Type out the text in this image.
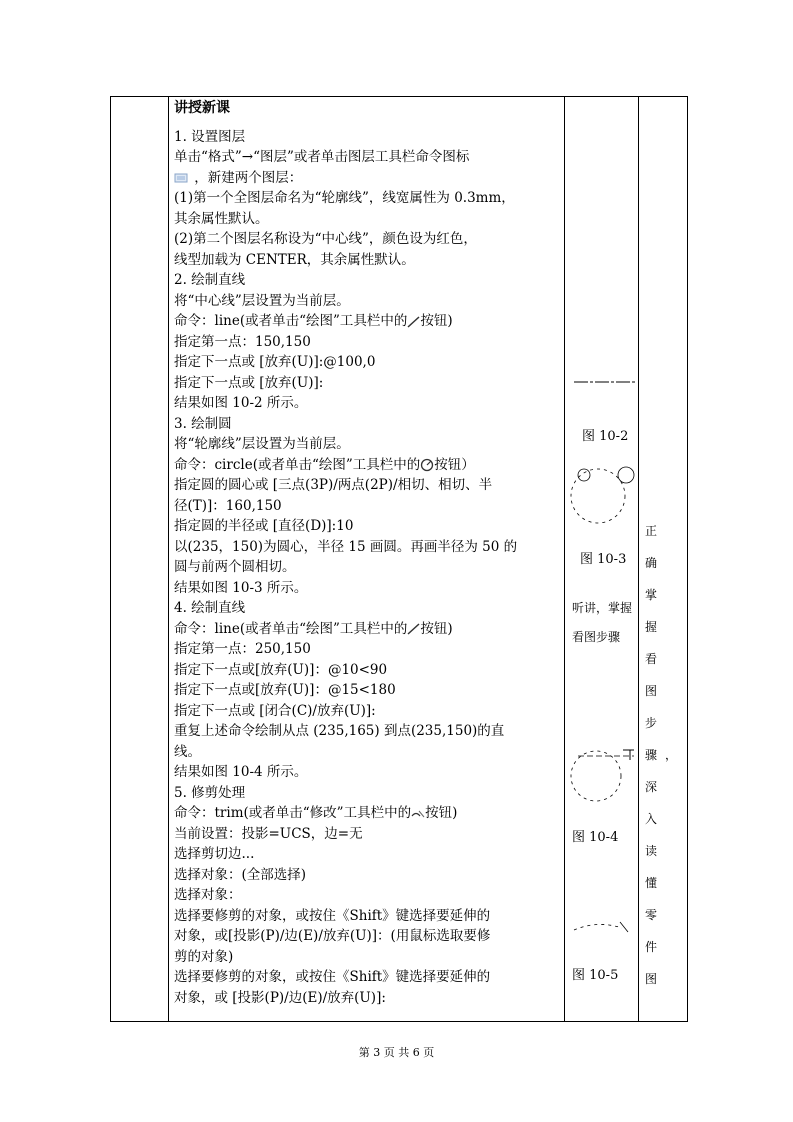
讲授新课
1. 设置图层
单击“格式”→“图层”或者单击图层工具栏命令图标
，新建两个图层：
(1)第一个全图层命名为“轮廓线”，线宽属性为 0.3mm，
其余属性默认。
(2)第二个图层名称设为“中心线”，颜色设为红色，
线型加载为 CENTER，其余属性默认。
2. 绘制直线
将“中心线”层设置为当前层。
命令：line(或者单击“绘图”工具栏中的 按钮)
指定第一点：150,150
指定下一点或 [放弃(U)]:@100,0
指定下一点或 [放弃(U)]:
结果如图 10-2 所示。
3. 绘制圆
将“轮廓线”层设置为当前层。
命令：circle(或者单击“绘图”工具栏中的 按钮）
指定圆的圆心或 [三点(3P)/两点(2P)/相切、相切、半
径(T)]：160,150
指定圆的半径或 [直径(D)]:10
以(235，150)为圆心，半径 15 画圆。再画半径为 50 的
圆与前两个圆相切。
结果如图 10-3 所示。
4. 绘制直线
命令：line(或者单击“绘图”工具栏中的 按钮)
指定第一点：250,150
指定下一点或[放弃(U)]：@10<90
指定下一点或[放弃(U)]：@15<180
指定下一点或 [闭合(C)/放弃(U)]:
重复上述命令绘制从点 (235,165) 到点(235,150)的直
线。
结果如图 10-4 所示。
5. 修剪处理
命令：trim(或者单击“修改”工具栏中的 按钮)
当前设置：投影=UCS，边=无
选择剪切边...
选择对象：(全部选择)
选择对象：
选择要修剪的对象，或按住《Shift》键选择要延伸的
对象，或[投影(P)/边(E)/放弃(U)]：(用鼠标选取要修
剪的对象)
选择要修剪的对象，或按住《Shift》键选择要延伸的
对象，或 [投影(P)/边(E)/放弃(U)]:
图 10-2
图 10-3
听讲，掌握看图步骤
图 10-4
图 10-5
正确掌握看图步骤，深入读懂零件图
第 3 页 共 6 页
